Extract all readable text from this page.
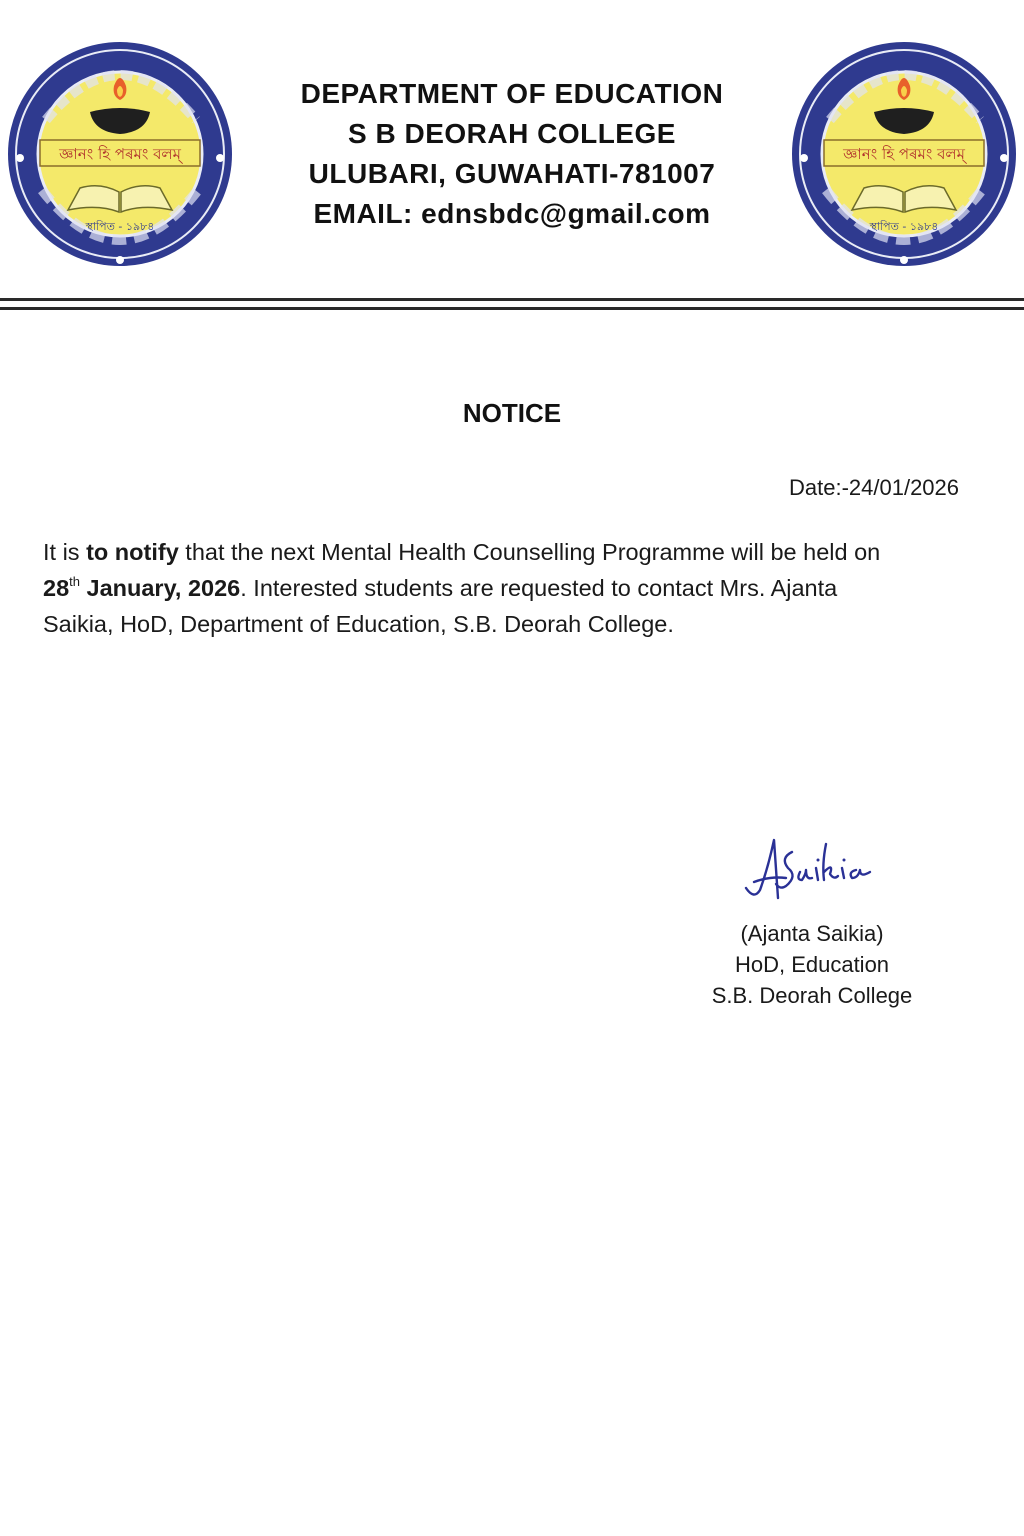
জ্ঞানং হি পৰমং বলম্
স্থাপিত - ১৯৮৪
জ্ঞানং হি পৰমং বলম্
স্থাপিত - ১৯৮৪
DEPARTMENT OF EDUCATION
S B DEORAH COLLEGE
ULUBARI, GUWAHATI-781007
EMAIL: ednsbdc@gmail.com
NOTICE
Date:-24/01/2026
It is to notify that the next Mental Health Counselling Programme will be held on
28th January, 2026. Interested students are requested to contact Mrs. Ajanta
Saikia, HoD, Department of Education, S.B. Deorah College.
(Ajanta Saikia)
HoD, Education
S.B. Deorah College
